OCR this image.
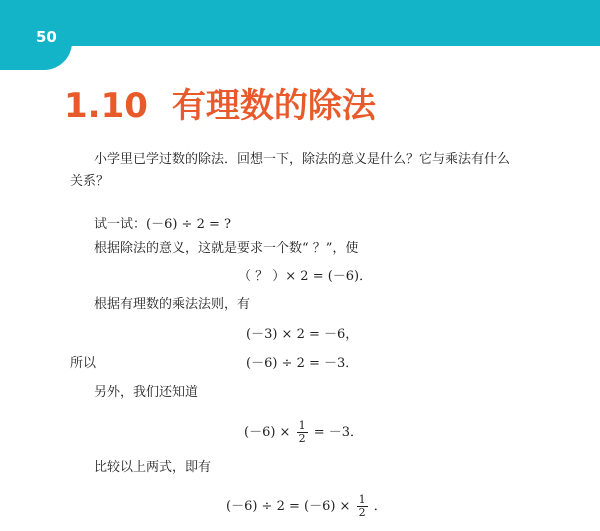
50
1.10 有理数的除法
小学里已学过数的除法．回想一下，除法的意义是什么？它与乘法有什么
关系？
试一试：(－6) ÷ 2 = ?
根据除法的意义，这就是要求一个数“ ？”，使
（ ？ ）× 2 = (－6)．
根据有理数的乘法法则，有
(－3) × 2 = －6，
所以	(－6) ÷ 2 = －3．
另外，我们还知道
$(-6) \times \frac{1}{2} = -3$．
比较以上两式，即有
$(-6) \div 2 = (-6) \times \frac{1}{2}$ ．
